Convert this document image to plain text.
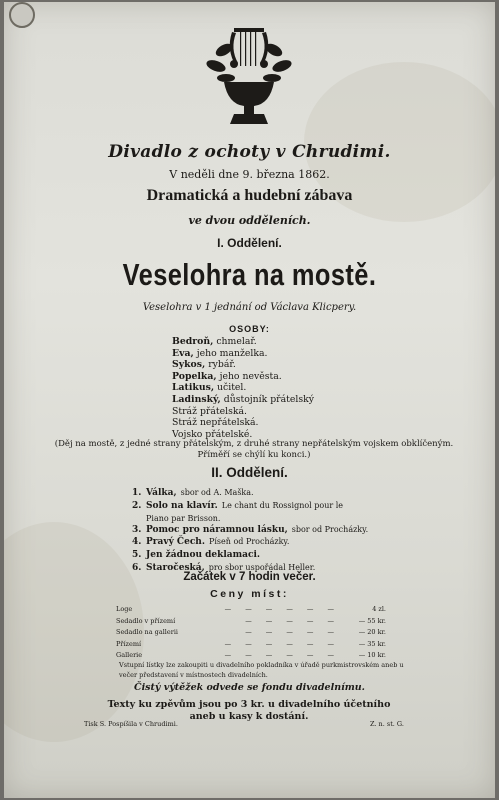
Divadlo z ochoty v Chrudimi.
V neděli dne 9. března 1862.
Dramatická a hudební zábava
ve dvou odděleních.
I. Oddělení.
Veselohra na mostě.
Veselohra v 1 jednání od Václava Klicpery.
OSOBY:
Bedroň, chmelař.
Eva, jeho manželka.
Sykos, rybář.
Popelka, jeho nevěsta.
Latikus, učitel.
Ladinský, důstojník přátelský
Stráž přátelská.
Stráž nepřátelská.
Vojsko přátelské.
(Děj na mostě, z jedné strany přátelským, z druhé strany nepřátelským vojskem obklíčeným. Příměří se chýlí ku konci.)
II. Oddělení.
1. Válka, sbor od A. Maška.
2. Solo na klavír. Le chant du Rossignol pour le
Piano par Brisson.
3. Pomoc pro náramnou lásku, sbor od Procházky.
4. Pravý Čech. Píseň od Procházky.
5. Jen žádnou deklamaci.
6. Staročeská, pro sbor uspořádal Heller.
Začátek v 7 hodin večer.
Ceny míst:
Loge	— — — — — —	4 zl.
Sedadlo v přízemí	— — — — —	— 55 kr.
Sedadlo na gallerii	— — — — —	— 20 kr.
Přízemí	— — — — — —	— 35 kr.
Gallerie	— — — — — —	— 10 kr.
Vstupní lístky lze zakoupiti u divadelního pokladníka v úřadě purkmistrovském aneb u večer představení v místnostech divadelních.
Čistý výtěžek odvede se fondu divadelnímu.
Texty ku zpěvům jsou po 3 kr. u divadelního účetního aneb u kasy k dostání.
Tisk S. Pospíšila v Chrudimi.	Z. n. st. G.
